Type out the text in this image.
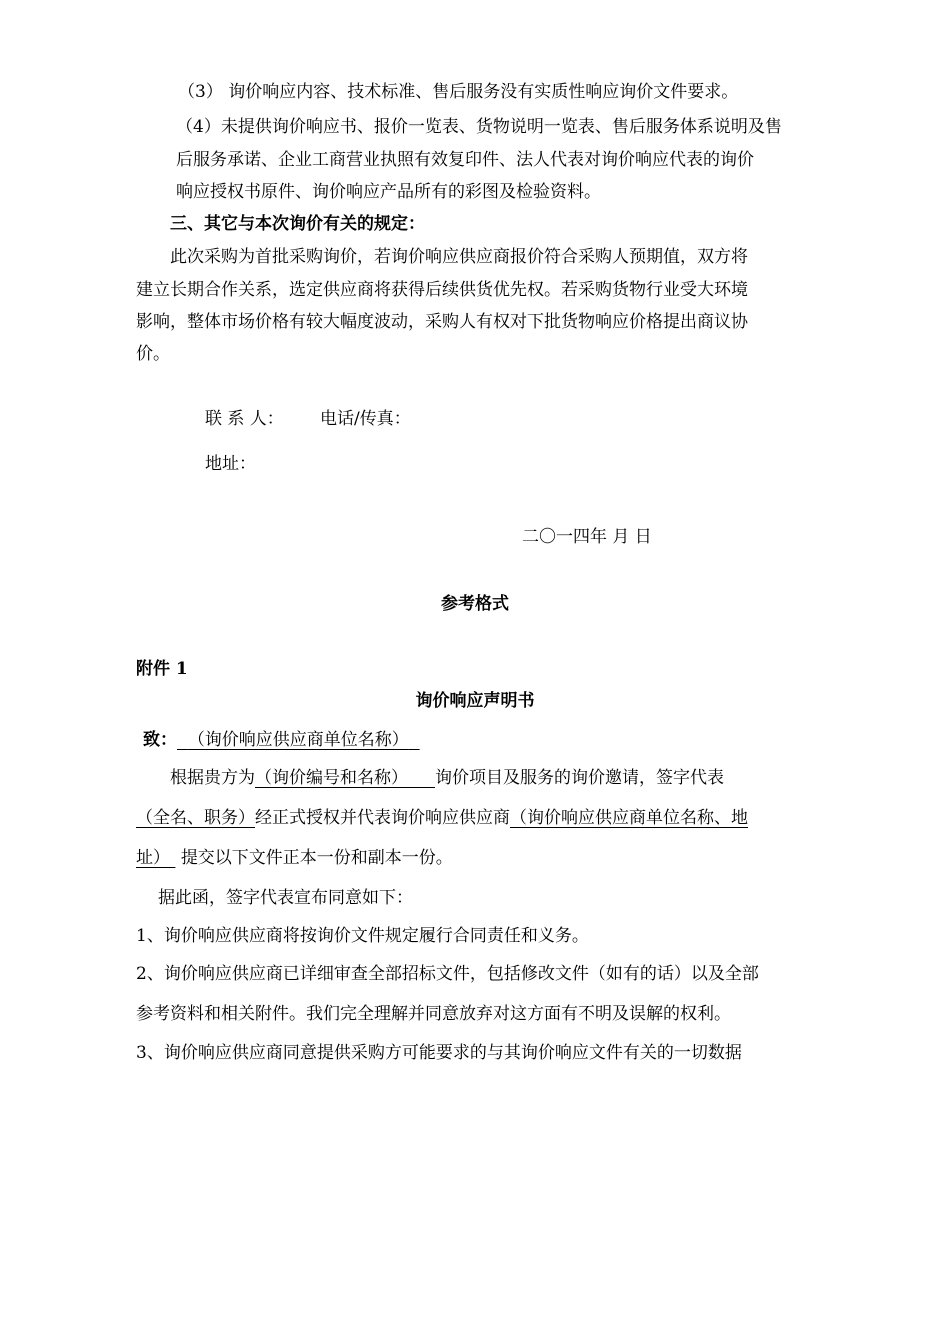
（3） 询价响应内容、技术标准、售后服务没有实质性响应询价文件要求。
（4）未提供询价响应书、报价一览表、货物说明一览表、售后服务体系说明及售
后服务承诺、企业工商营业执照有效复印件、法人代表对询价响应代表的询价
响应授权书原件、询价响应产品所有的彩图及检验资料。
三、其它与本次询价有关的规定：
此次采购为首批采购询价，若询价响应供应商报价符合采购人预期值，双方将
建立长期合作关系，选定供应商将获得后续供货优先权。若采购货物行业受大环境
影响，整体市场价格有较大幅度波动，采购人有权对下批货物响应价格提出商议协
价。
联 系 人： 电话/传真：
地址：
二〇一四年 月 日
参考格式
附件 1
询价响应声明书
致： （询价响应供应商单位名称）
根据贵方为（询价编号和名称） 询价项目及服务的询价邀请，签字代表
（全名、职务）经正式授权并代表询价响应供应商（询价响应供应商单位名称、地
址） 提交以下文件正本一份和副本一份。
据此函，签字代表宣布同意如下：
1、询价响应供应商将按询价文件规定履行合同责任和义务。
2、询价响应供应商已详细审查全部招标文件，包括修改文件（如有的话）以及全部
参考资料和相关附件。我们完全理解并同意放弃对这方面有不明及误解的权利。
3、询价响应供应商同意提供采购方可能要求的与其询价响应文件有关的一切数据
